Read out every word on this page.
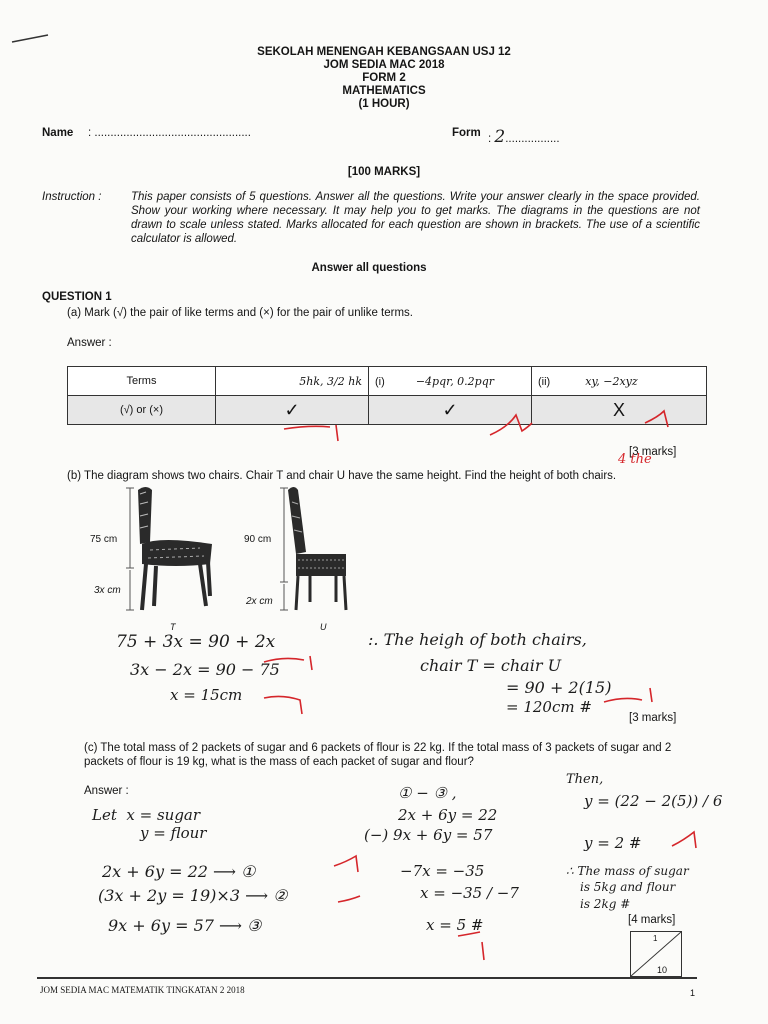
SEKOLAH MENENGAH KEBANGSAAN USJ 12
JOM SEDIA MAC 2018
FORM 2
MATHEMATICS
(1 HOUR)
Name : .................................................	Form : 2.................
[100 MARKS]
Instruction :	This paper consists of 5 questions. Answer all the questions. Write your answer clearly in the space provided. Show your working where necessary. It may help you to get marks. The diagrams in the questions are not drawn to scale unless stated. Marks allocated for each question are shown in brackets. The use of a scientific calculator is allowed.
Answer all questions
QUESTION 1
(a) Mark (√) the pair of like terms and (×) for the pair of unlike terms.
Answer :
Terms	5hk, 3/2 hk	(i) −4pqr, 0.2pqr	(ii) xy, −2xyz
(√) or (×)	✓	✓	X
[3 marks]
(b) The diagram shows two chairs. Chair T and chair U have the same height. Find the height of both chairs.
4 the
75 cm
3x cm
T
90 cm
2x cm
U
75 + 3x = 90 + 2x
3x − 2x = 90 − 75
x = 15cm
:. The heigh of both chairs,
chair T = chair U
= 90 + 2(15)
= 120cm #
[3 marks]
(c) The total mass of 2 packets of sugar and 6 packets of flour is 22 kg. If the total mass of 3 packets of sugar and 2 packets of flour is 19 kg, what is the mass of each packet of sugar and flour?
Answer :
Let  x = sugar
y = flour
2x + 6y = 22 ⟶ ①
(3x + 2y = 19)×3 ⟶ ②
9x + 6y = 57 ⟶ ③
① − ③ ,
2x + 6y = 22
(−) 9x + 6y = 57
−7x = −35
x = −35 / −7
x = 5 #
Then,
y = (22 − 2(5)) / 6
y = 2 #
∴ The mass of sugar
is 5kg and flour
is 2kg #
[4 marks]
1
10
JOM SEDIA MAC MATEMATIK TINGKATAN 2 2018	1
